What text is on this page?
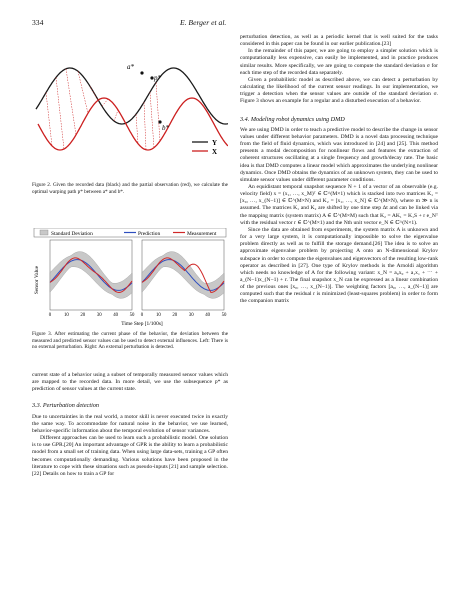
334	E. Berger et al.
a*
p*
b*
Y
X

Figure 2. Given the recorded data (black) and the partial observation (red), we calculate the optimal warping path p* between a* and b*.

Standard Deviation	Prediction	Measurement
Sensor Value
0	10 20 30 40 50 0	10 20 30 40 50
Time Step [1/100s]

Figure 3. After estimating the current phase of the behavior, the deviation between the measured and predicted sensor values can be used to detect external influences. Left: There is no external perturbation. Right: An external perturbation is detected.

current state of a behavior using a subset of temporally measured sensor values which are mapped to the recorded data. In more detail, we use the subsequence p* as prediction of sensor values at the current state.

3.3. Perturbation detection

Due to uncertainties in the real world, a motor skill is never executed twice in exactly the same way. To accommodate for natural noise in the behavior, we use learned, behavior-specific information about the temporal evolution of sensor variances.

Different approaches can be used to learn such a probabilistic model. One solution is to use GPR.[20] An important advantage of GPR is the ability to learn a probabilistic model from a small set of training data. When using large data-sets, training a GP often becomes computationally demanding. Various solutions have been proposed in the literature to cope with these situations such as pseudo-inputs [21] and sample selection.[22] Details on how to train a GP for

perturbation detection, as well as a periodic kernel that is well suited for the tasks considered in this paper can be found in our earlier publication.[23]

In the remainder of this paper, we are going to employ a simpler solution which is computationally less expensive, can easily be implemented, and in practice produces similar results. More specifically, we are going to compute the standard deviation σ for each time step of the recorded data separately.

Given a probabilistic model as described above, we can detect a perturbation by calculating the likelihood of the current sensor readings. In our implementation, we trigger a detection when the sensor values are outside of the standard deviation σ. Figure 3 shows an example for a regular and a disturbed execution of a behavior.

3.4. Modeling robot dynamics using DMD

We are using DMD in order to teach a predictive model to describe the change in sensor values under different behavior parameters. DMD is a novel data processing technique from the field of fluid dynamics, which was introduced in [24] and [25]. This method presents a modal decomposition for nonlinear flows and features the extraction of coherent structures oscillating at a single frequency and growth/decay rate. The basic idea is that DMD computes a linear model which approximates the underlying nonlinear dynamics. Once DMD obtains the dynamics of an unknown system, they can be used to simulate sensor values under different parameter conditions.

An equidistant temporal snapshot sequence N + 1 of a vector of an observable (e.g. velocity field) x = (x₁, …, x_M)ᵀ ∈ ℂ^(M×1) which is stacked into two matrices K₁ = [x₀, …, x_(N−1)] ∈ ℂ^(M×N) and K₂ = [x₁, …, x_N] ∈ ℂ^(M×N), where m ≫ n is assumed. The matrices K₁ and K₂ are shifted by one time step Δt and can be linked via the mapping matrix (system matrix) A ∈ ℂ^(M×M) such that K₂ = AK₁ = K₁S + r e_Nᵀ with the residual vector r ∈ ℂ^(M×1) and the Nth unit vector e_N ∈ ℂ^(N×1).

Since the data are obtained from experiments, the system matrix A is unknown and for a very large system, it is computationally impossible to solve the eigenvalue problem directly as well as to fulfill the storage demand.[26] The idea is to solve an approximate eigenvalue problem by projecting A onto an N-dimensional Krylov subspace in order to compute the eigenvalues and eigenvectors of the resulting low-rank operator as described in [27]. One type of Krylov methods is the Arnoldi algorithm which needs no knowledge of A for the following variant: x_N = a₀x₀ + a₁x₁ + ⋯ + a_(N−1)x_(N−1) + r. The final snapshot x_N can be expressed as a linear combination of the previous ones [x₀, …, x_(N−1)]. The weighting factors [a₀, …, a_(N−1)] are computed such that the residual r is minimized (least-squares problem) in order to form the companion matrix
